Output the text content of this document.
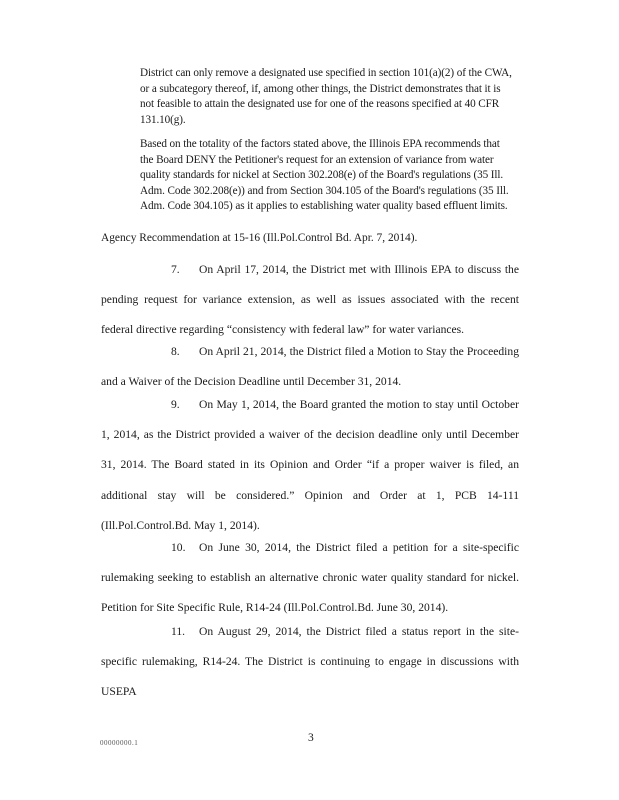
District can only remove a designated use specified in section 101(a)(2) of the CWA, or a subcategory thereof, if, among other things, the District demonstrates that it is not feasible to attain the designated use for one of the reasons specified at 40 CFR 131.10(g).
Based on the totality of the factors stated above, the Illinois EPA recommends that the Board DENY the Petitioner's request for an extension of variance from water quality standards for nickel at Section 302.208(e) of the Board's regulations (35 Ill. Adm. Code 302.208(e)) and from Section 304.105 of the Board's regulations (35 Ill. Adm. Code 304.105) as it applies to establishing water quality based effluent limits.
Agency Recommendation at 15-16 (Ill.Pol.Control Bd. Apr. 7, 2014).
7. On April 17, 2014, the District met with Illinois EPA to discuss the pending request for variance extension, as well as issues associated with the recent federal directive regarding “consistency with federal law” for water variances.
8. On April 21, 2014, the District filed a Motion to Stay the Proceeding and a Waiver of the Decision Deadline until December 31, 2014.
9. On May 1, 2014, the Board granted the motion to stay until October 1, 2014, as the District provided a waiver of the decision deadline only until December 31, 2014. The Board stated in its Opinion and Order “if a proper waiver is filed, an additional stay will be considered.” Opinion and Order at 1, PCB 14-111 (Ill.Pol.Control.Bd. May 1, 2014).
10. On June 30, 2014, the District filed a petition for a site-specific rulemaking seeking to establish an alternative chronic water quality standard for nickel. Petition for Site Specific Rule, R14-24 (Ill.Pol.Control.Bd. June 30, 2014).
11. On August 29, 2014, the District filed a status report in the site-specific rulemaking, R14-24. The District is continuing to engage in discussions with USEPA
00000000.1	3
